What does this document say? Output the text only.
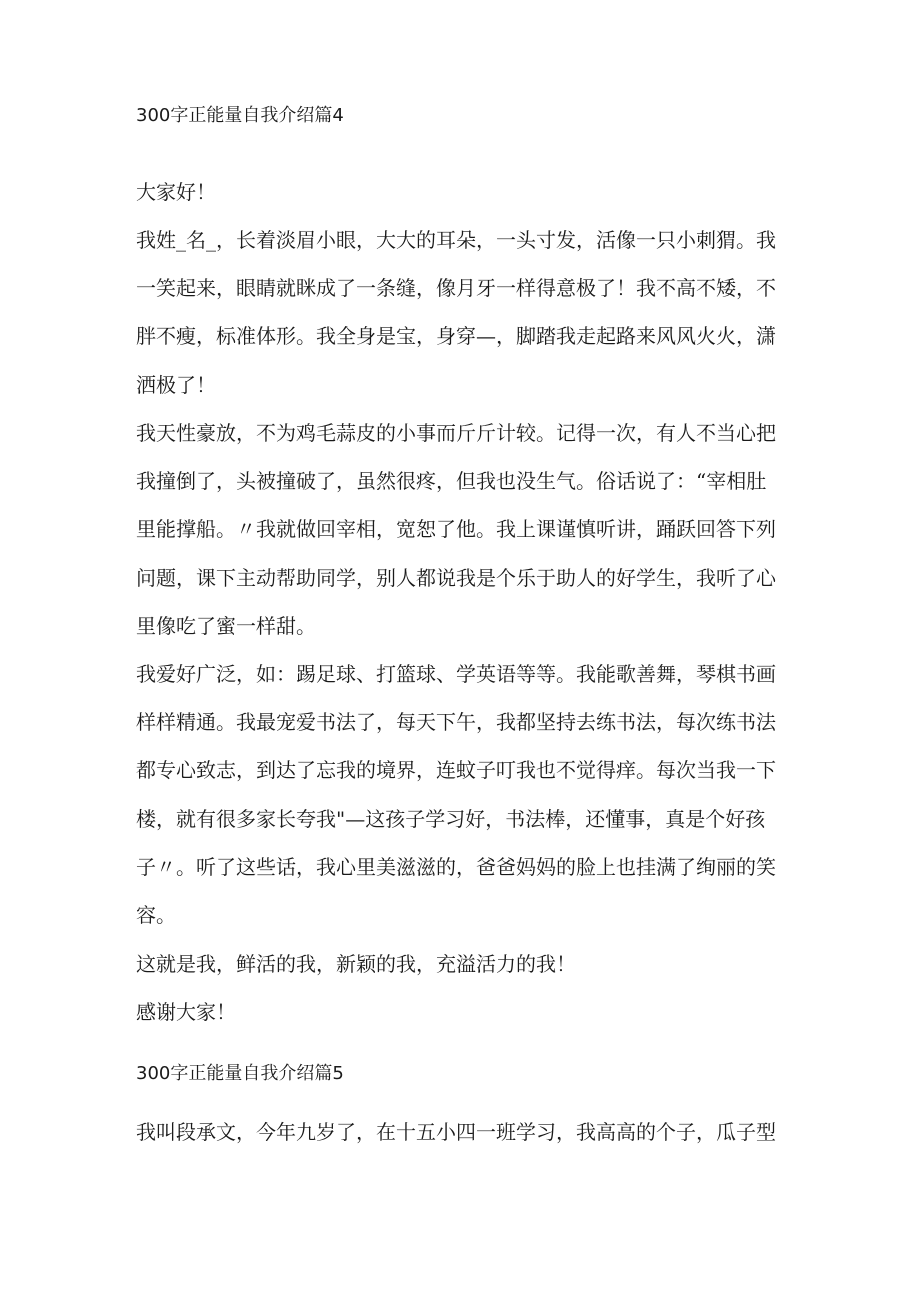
300字正能量自我介绍篇4

大家好！

我姓_名_，长着淡眉小眼，大大的耳朵，一头寸发，活像一只小刺猬。我
一笑起来，眼睛就眯成了一条缝，像月牙一样得意极了！我不高不矮，不
胖不瘦，标准体形。我全身是宝，身穿—，脚踏我走起路来风风火火，潇
洒极了！

我天性豪放，不为鸡毛蒜皮的小事而斤斤计较。记得一次，有人不当心把
我撞倒了，头被撞破了，虽然很疼，但我也没生气。俗话说了：“宰相肚
里能撑船。〃我就做回宰相，宽恕了他。我上课谨慎听讲，踊跃回答下列
问题，课下主动帮助同学，别人都说我是个乐于助人的好学生，我听了心
里像吃了蜜一样甜。

我爱好广泛，如：踢足球、打篮球、学英语等等。我能歌善舞，琴棋书画
样样精通。我最宠爱书法了，每天下午，我都坚持去练书法，每次练书法
都专心致志，到达了忘我的境界，连蚊子叮我也不觉得痒。每次当我一下
楼，就有很多家长夸我"—这孩子学习好，书法棒，还懂事，真是个好孩
子〃。听了这些话，我心里美滋滋的，爸爸妈妈的脸上也挂满了绚丽的笑
容。

这就是我，鲜活的我，新颖的我，充溢活力的我！

感谢大家！

300字正能量自我介绍篇5

我叫段承文，今年九岁了，在十五小四一班学习，我高高的个子，瓜子型
